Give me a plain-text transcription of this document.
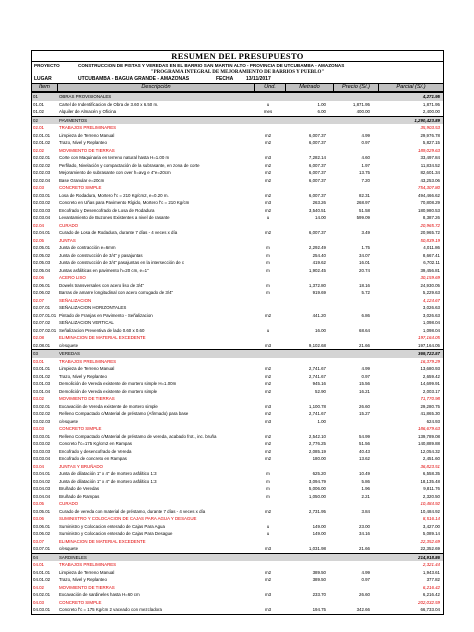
RESUMEN DEL PRESUPUESTO
PROYECTO	CONSTRUCCION DE PISTAS Y VEREDAS EN EL BARRIO SAN MARTIN ALTO - PROVINCIA DE UTCUBAMBA - AMAZONAS
"PROGRAMA INTEGRAL DE MEJORAMIENTO DE BARRIOS Y PUEBLO"
LUGAR	UTCUBAMBA - BAGUA GRANDE - AMAZONAS	FECHA	13/11/2017
Item	Descripción	Und.	Metrado	Precio (S/.)	Parcial (S/.)
01	OBRAS PROVISIONALES	4,271.95
01.01	Cartel de Indentificacion de Obra de 3.60 x 6.50 m.	u	1.00	1,871.95	1,871.95
01.02	Alquiler de Almacén y Oficina	mes	6.00	400.00	2,400.00
02	PAVIMENTOS	1,290,423.89
02.01	TRABAJOS PRELIMINARES	35,903.53
02.01.01	Limpieza de Terreno Manual	m2	6,007.37	4.99	29,976.78
02.01.02	Trazo, Nivel y Replanteo	m2	6,007.37	0.97	5,827.15
02.02	MOVIMIENTO DE TIERRAS	189,029.63
02.02.01	Corte con Maquinaria en terreno natural hasta H=1.00 m	m3	7,282.14	4.60	33,497.84
02.02.02	Perfilado, Nivelación y compactación de la subrasante, en zona de corte	m2	6,007.37	1.97	11,834.52
02.02.03	Mejoramiento de subrasante con over h=avg e 4"e=20cm	m2	6,007.37	13.75	82,601.34
02.02.04	Base Granular e=20cm	m2	6,007.37	7.20	43,253.06
02.03	CONCRETO SIMPLE	754,307.80
02.03.01	Losa de Rodadura, Mortero f'c = 210 Kg/cm2, e=0.20 m.	m2	6,007.37	82.31	494,466.62
02.03.02	Concreto en Uñas para Pavimento Rígido, Mortero f'c = 210 Kg/cm	m3	263.26	268.97	70,808.29
02.03.03	Encofrado y Desencofrado de Losa de Rodadura	m2	3,540.51	51.58	180,980.53
02.03.04	Levantamiento de Buzones Existentes a nivel de rasante	u	14.00	599.09	8,387.26
02.04	CURADO	20,965.72
02.04.01	Curado de Losa de Rodadura, durante 7 días - 4 veces x día	m2	6,007.37	3.49	20,965.72
02.05	JUNTAS	50,839.19
02.05.01	Junta de contracción e=6mm	m	2,292.49	1.75	4,011.86
02.05.02	Junta de construcción de 3/4" y pasajuntas	m	254.40	34.07	8,667.41
02.05.03	Junta de construcción de 3/4" pasajuntas en la intersección de c	m	419.62	16.01	6,702.11
02.05.04	Juntas asfálticas en pavimento h=20 cm, e=1"	m	1,902.45	20.74	39,456.81
02.06	ACERO LISO	30,159.69
02.06.01	Dowels transversales con acero liso de 3/4"	m	1,372.80	18.16	24,930.05
02.06.02	Barras de amarre longitudinal con acero corrugado de 3/4"	m	919.69	5.72	5,229.63
02.07	SEÑALIZACION	4,124.67
02.07.01	SEÑALIZACION HORIZONTALES	3,026.63
02.07.01.01 Pintado de Franjas en Pavimento - Señalizacion	m2	441.20	6.86	3,026.63
02.07.02	SEÑALIZACION VERTICAL	1,098.04
02.07.02.01 Señalizacion Preventiva de lado 0.60 x 0.60	u	16.00	68.64	1,098.04
02.08	ELIMINACION DE MATERIAL EXCEDENTE	197,164.05
02.08.01	c/esquete	m3	9,102.68	21.66	197,164.05
03	VEREDAS	369,722.57
03.01	TRABAJOS PRELIMINARES	16,379.29
03.01.01	Limpieza de Terreno Manual	m2	2,741.67	4.99	13,680.93
03.01.02	Trazo, Nivel y Replanteo	m2	2,741.67	0.97	2,659.42
03.01.03	Demolición de Vereda existente de mortero simple H=1.00m	m2	945.16	15.56	14,699.91
03.01.04	Demolición de Vereda existente de mortero simple	m2	52.90	16.21	2,003.17
03.02	MOVIMIENTO DE TIERRAS	71,770.98
03.02.01	Excavación de Vereda existente de mortero simple	m3	1,100.78	26.60	29,280.75
03.02.02	Relleno Compactado c/Material de préstamo (Afirmado) para base	m2	2,741.67	15.27	41,865.30
03.02.03	c/esquete	m3	1.00	624.93
03.03	CONCRETO SIMPLE	186,679.63
03.03.01	Relleno Compactado c/Material de préstamo de vereda, acabado frot., inc. bruña	m2	2,542.10	54.99	139,789.08
03.03.02	Concreto f'c=175 Kg/cm2 en Rampas	m2	2,776.25	51.56	140,889.88
03.03.03	Encofrado y desencofrado de Vereda	m2	2,085.19	40.43	12,054.32
03.03.04	Encofrado de concreto en Rampas	m2	180.00	13.62	2,451.60
03.04	JUNTAS Y BRUÑADO	36,823.51
03.04.01	Junta de dilatación 1" x 4" de mortero asfáltico 1:3	m	625.20	10.49	6,558.35
03.04.02	Junta de dilatación 1" x 4" de mortero asfáltico 1:3	m	3,094.79	5.86	18,135.48
03.04.03	Bruñado de Veredas	m	5,006.00	1.96	9,811.76
03.04.04	Bruñado de Rampas	m	1,050.00	2.21	2,320.50
03.05	CURADO	10,484.92
03.05.01	Curado de vereda con material de préstamo, durante 7 días - 4 veces x día	m2	2,731.95	3.84	10,484.92
03.06	SUMINISTRO Y COLOCACION DE CAJAS PARA AGUA Y DESAGUE	8,516.14
03.06.01	Suministro y Colocacion enterado de Cajas Para Agua	u	149.00	23.00	3,427.00
03.06.02	Suministro y Colocacion enterado de Cajas Para Desague	u	149.00	34.16	5,089.14
03.07	ELIMINACION DE MATERIAL EXCEDENTE	22,352.69
03.07.01	c/esquete	m3	1,031.98	21.66	22,352.69
04	SARDINELES	214,918.86
04.01	TRABAJOS PRELIMINARES	2,321.44
04.01.01	Limpieza de Terreno Manual	m2	389.50	4.99	1,943.61
04.01.02	Trazo, Nivel y Replanteo	m2	389.50	0.97	377.82
04.02	MOVIMIENTO DE TIERRAS	6,216.42
04.02.01	Excavación de sardineles hasta H=60 cm	m3	233.70	26.60	6,216.42
04.03	CONCRETO SIMPLE	202,032.59
04.03.01	Concreto f'c = 175 Kg/cm 2 vaceado con mezcladora	m3	194.75	342.66	66,733.04
